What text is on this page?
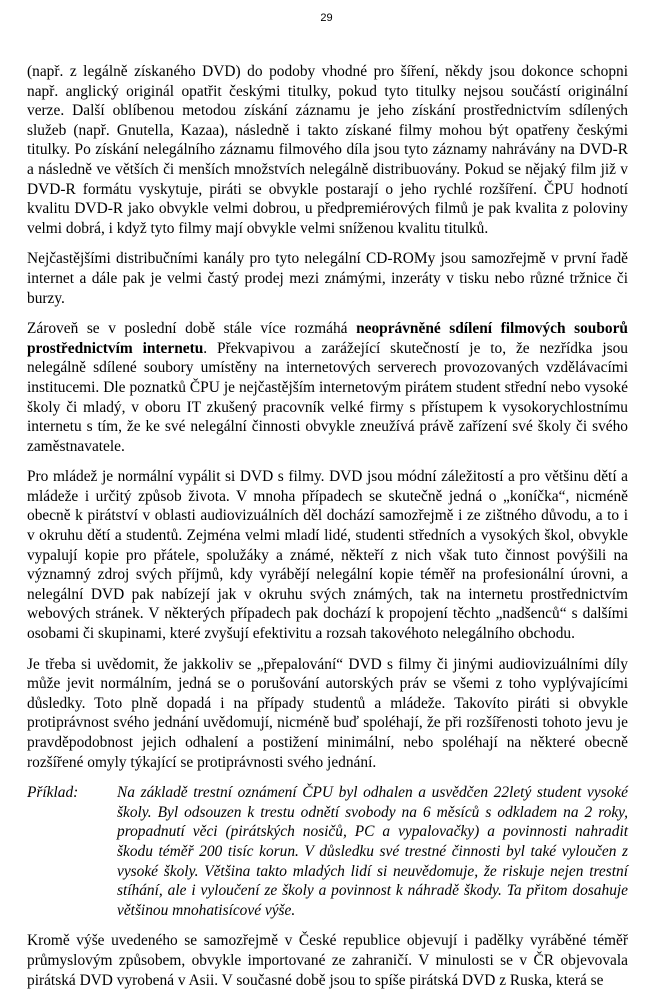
29

(např. z legálně získaného DVD) do podoby vhodné pro šíření, někdy jsou dokonce schopni např. anglický originál opatřit českými titulky, pokud tyto titulky nejsou součástí originální verze. Další oblíbenou metodou získání záznamu je jeho získání prostřednictvím sdílených služeb (např. Gnutella, Kazaa), následně i takto získané filmy mohou být opatřeny českými titulky. Po získání nelegálního záznamu filmového díla jsou tyto záznamy nahrávány na DVD-R a následně ve větších či menších množstvích nelegálně distribuovány. Pokud se nějaký film již v DVD-R formátu vyskytuje, piráti se obvykle postarají o jeho rychlé rozšíření. ČPU hodnotí kvalitu DVD-R jako obvykle velmi dobrou, u předpremiérových filmů je pak kvalita z poloviny velmi dobrá, i když tyto filmy mají obvykle velmi sníženou kvalitu titulků.

Nejčastějšími distribučními kanály pro tyto nelegální CD-ROMy jsou samozřejmě v první řadě internet a dále pak je velmi častý prodej mezi známými, inzeráty v tisku nebo různé tržnice či burzy.

Zároveň se v poslední době stále více rozmáhá neoprávněné sdílení filmových souborů prostřednictvím internetu. Překvapivou a zarážející skutečností je to, že nezřídka jsou nelegálně sdílené soubory umístěny na internetových serverech provozovaných vzdělávacími institucemi. Dle poznatků ČPU je nejčastějším internetovým pirátem student střední nebo vysoké školy či mladý, v oboru IT zkušený pracovník velké firmy s přístupem k vysokorychlostnímu internetu s tím, že ke své nelegální činnosti obvykle zneužívá právě zařízení své školy či svého zaměstnavatele.

Pro mládež je normální vypálit si DVD s filmy. DVD jsou módní záležitostí a pro většinu dětí a mládeže i určitý způsob života. V mnoha případech se skutečně jedná o „koníčka“, nicméně obecně k pirátství v oblasti audiovizuálních děl dochází samozřejmě i ze zištného důvodu, a to i v okruhu dětí a studentů. Zejména velmi mladí lidé, studenti středních a vysokých škol, obvykle vypalují kopie pro přátele, spolužáky a známé, někteří z nich však tuto činnost povýšili na významný zdroj svých příjmů, kdy vyrábějí nelegální kopie téměř na profesionální úrovni, a nelegální DVD pak nabízejí jak v okruhu svých známých, tak na internetu prostřednictvím webových stránek. V některých případech pak dochází k propojení těchto „nadšenců“ s dalšími osobami či skupinami, které zvyšují efektivitu a rozsah takovéhoto nelegálního obchodu.

Je třeba si uvědomit, že jakkoliv se „přepalování“ DVD s filmy či jinými audiovizuálními díly může jevit normálním, jedná se o porušování autorských práv se všemi z toho vyplývajícími důsledky. Toto plně dopadá i na případy studentů a mládeže. Takovíto piráti si obvykle protiprávnost svého jednání uvědomují, nicméně buď spoléhají, že při rozšířenosti tohoto jevu je pravděpodobnost jejich odhalení a postižení minimální, nebo spoléhají na některé obecně rozšířené omyly týkající se protiprávnosti svého jednání.

Příklad:	Na základě trestní oznámení ČPU byl odhalen a usvědčen 22letý student vysoké školy. Byl odsouzen k trestu odnětí svobody na 6 měsíců s odkladem na 2 roky, propadnutí věci (pirátských nosičů, PC a vypalovačky) a povinnosti nahradit škodu téměř 200 tisíc korun. V důsledku své trestné činnosti byl také vyloučen z vysoké školy. Většina takto mladých lidí si neuvědomuje, že riskuje nejen trestní stíhání, ale i vyloučení ze školy a povinnost k náhradě škody. Ta přitom dosahuje většinou mnohatisícové výše.

Kromě výše uvedeného se samozřejmě v České republice objevují i padělky vyráběné téměř průmyslovým způsobem, obvykle importované ze zahraničí. V minulosti se v ČR objevovala pirátská DVD vyrobená v Asii. V současné době jsou to spíše pirátská DVD z Ruska, která se
